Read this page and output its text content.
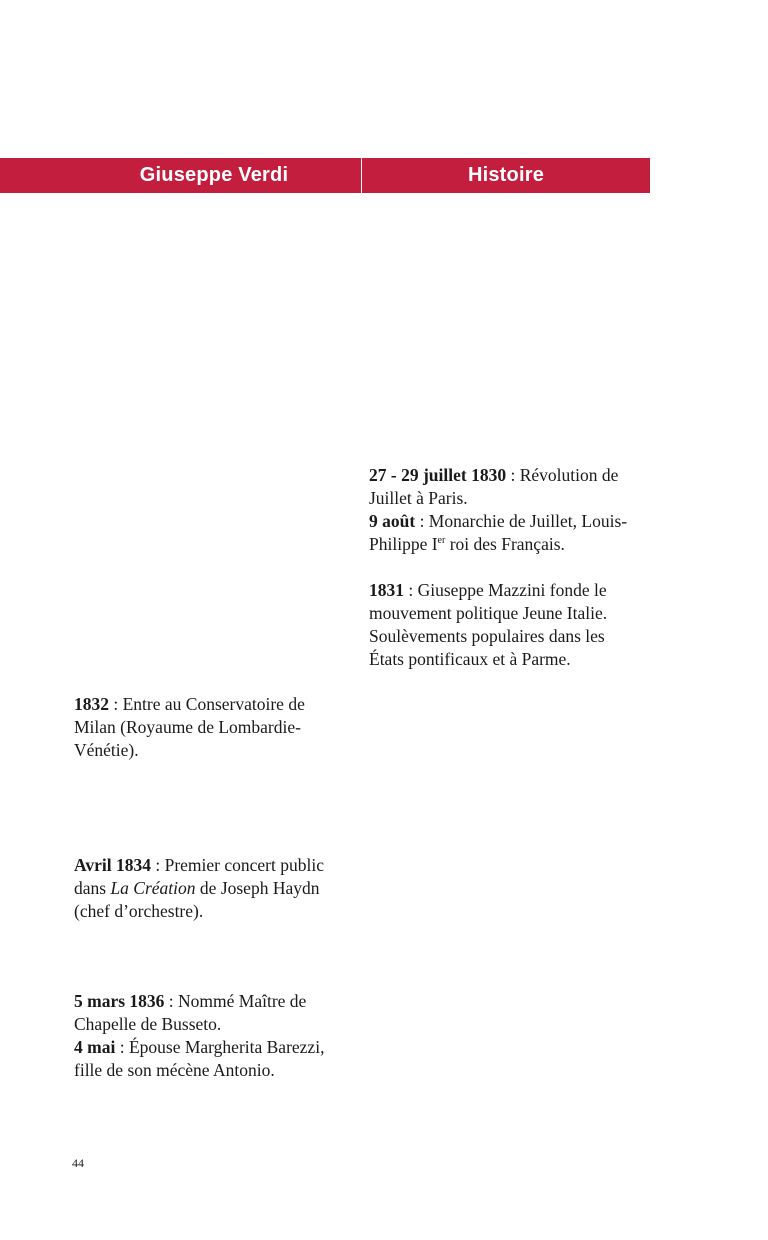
Giuseppe Verdi	Histoire

27 - 29 juillet 1830 : Révolution de Juillet à Paris.

9 août : Monarchie de Juillet, Louis-Philippe Ier roi des Français.

1831 : Giuseppe Mazzini fonde le mouvement politique Jeune Italie. Soulèvements populaires dans les États pontificaux et à Parme.

1832 : Entre au Conservatoire de Milan (Royaume de Lombardie-Vénétie).

Avril 1834 : Premier concert public dans La Création de Joseph Haydn (chef d’orchestre).

5 mars 1836 : Nommé Maître de Chapelle de Busseto.

4 mai : Épouse Margherita Barezzi, fille de son mécène Antonio.

44
